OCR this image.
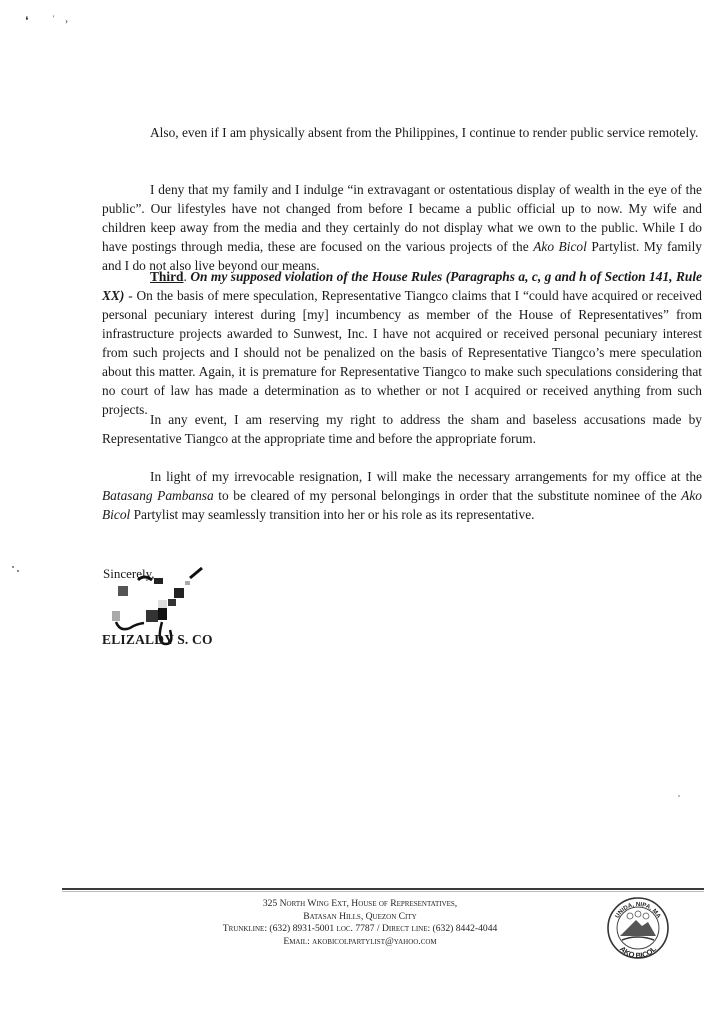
❛	' ›

Also, even if I am physically absent from the Philippines, I continue to render public service remotely.

I deny that my family and I indulge “in extravagant or ostentatious display of wealth in the eye of the public”. Our lifestyles have not changed from before I became a public official up to now. My wife and children keep away from the media and they certainly do not display what we own to the public. While I do have postings through media, these are focused on the various projects of the Ako Bicol Partylist. My family and I do not also live beyond our means.

Third. On my supposed violation of the House Rules (Paragraphs a, c, g and h of Section 141, Rule XX) - On the basis of mere speculation, Representative Tiangco claims that I “could have acquired or received personal pecuniary interest during [my] incumbency as member of the House of Representatives” from infrastructure projects awarded to Sunwest, Inc. I have not acquired or received personal pecuniary interest from such projects and I should not be penalized on the basis of Representative Tiangco’s mere speculation about this matter. Again, it is premature for Representative Tiangco to make such speculations considering that no court of law has made a determination as to whether or not I acquired or received anything from such projects.

In any event, I am reserving my right to address the sham and baseless accusations made by Representative Tiangco at the appropriate time and before the appropriate forum.

In light of my irrevocable resignation, I will make the necessary arrangements for my office at the Batasang Pambansa to be cleared of my personal belongings in order that the substitute nominee of the Ako Bicol Partylist may seamlessly transition into her or his role as its representative.

Sincerely,
ELIZALDY S. CO
325 North Wing Ext, House of Representatives,
Batasan Hills, Quezon City
Trunkline: (632) 8931-5001 loc. 7787 / Direct line: (632) 8442-4044
Email: akobicolpartylist@yahoo.com
UNIDA, NIPA, MA
AKO BICOL
